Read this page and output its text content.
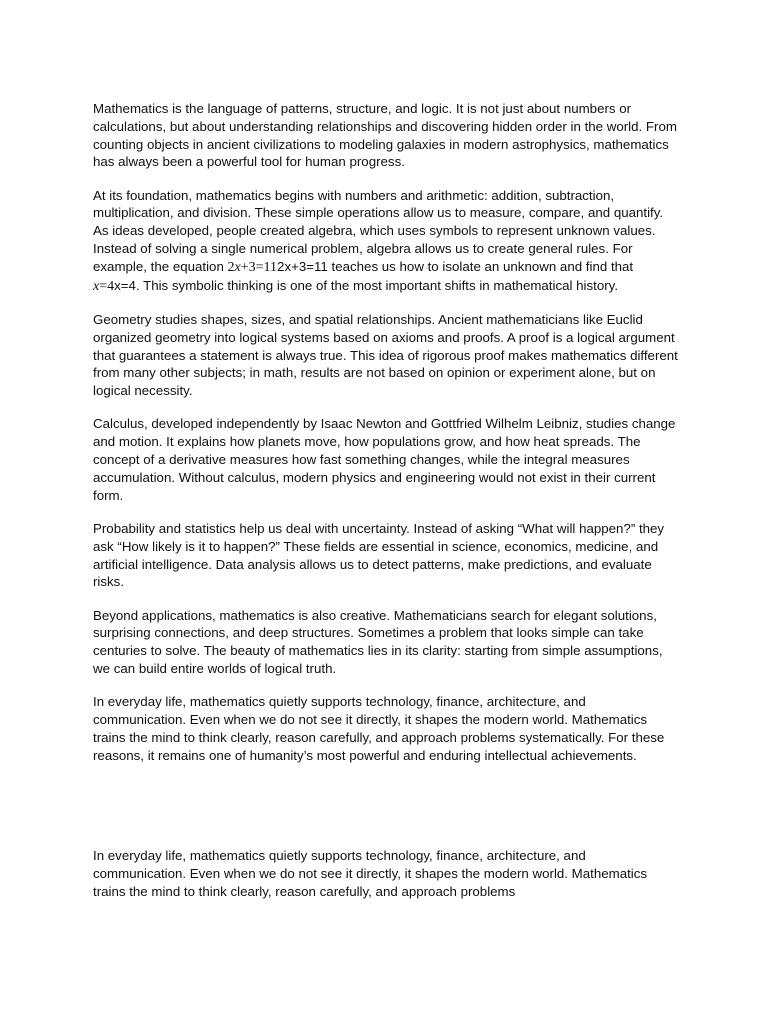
Mathematics is the language of patterns, structure, and logic. It is not just about numbers or calculations, but about understanding relationships and discovering hidden order in the world. From counting objects in ancient civilizations to modeling galaxies in modern astrophysics, mathematics has always been a powerful tool for human progress.

At its foundation, mathematics begins with numbers and arithmetic: addition, subtraction, multiplication, and division. These simple operations allow us to measure, compare, and quantify. As ideas developed, people created algebra, which uses symbols to represent unknown values. Instead of solving a single numerical problem, algebra allows us to create general rules. For example, the equation 2x+3=112x+3=11 teaches us how to isolate an unknown and find that x=4x=4. This symbolic thinking is one of the most important shifts in mathematical history.

Geometry studies shapes, sizes, and spatial relationships. Ancient mathematicians like Euclid organized geometry into logical systems based on axioms and proofs. A proof is a logical argument that guarantees a statement is always true. This idea of rigorous proof makes mathematics different from many other subjects; in math, results are not based on opinion or experiment alone, but on logical necessity.

Calculus, developed independently by Isaac Newton and Gottfried Wilhelm Leibniz, studies change and motion. It explains how planets move, how populations grow, and how heat spreads. The concept of a derivative measures how fast something changes, while the integral measures accumulation. Without calculus, modern physics and engineering would not exist in their current form.

Probability and statistics help us deal with uncertainty. Instead of asking “What will happen?” they ask “How likely is it to happen?” These fields are essential in science, economics, medicine, and artificial intelligence. Data analysis allows us to detect patterns, make predictions, and evaluate risks.

Beyond applications, mathematics is also creative. Mathematicians search for elegant solutions, surprising connections, and deep structures. Sometimes a problem that looks simple can take centuries to solve. The beauty of mathematics lies in its clarity: starting from simple assumptions, we can build entire worlds of logical truth.

In everyday life, mathematics quietly supports technology, finance, architecture, and communication. Even when we do not see it directly, it shapes the modern world. Mathematics trains the mind to think clearly, reason carefully, and approach problems systematically. For these reasons, it remains one of humanity’s most powerful and enduring intellectual achievements.

In everyday life, mathematics quietly supports technology, finance, architecture, and communication. Even when we do not see it directly, it shapes the modern world. Mathematics trains the mind to think clearly, reason carefully, and approach problems
